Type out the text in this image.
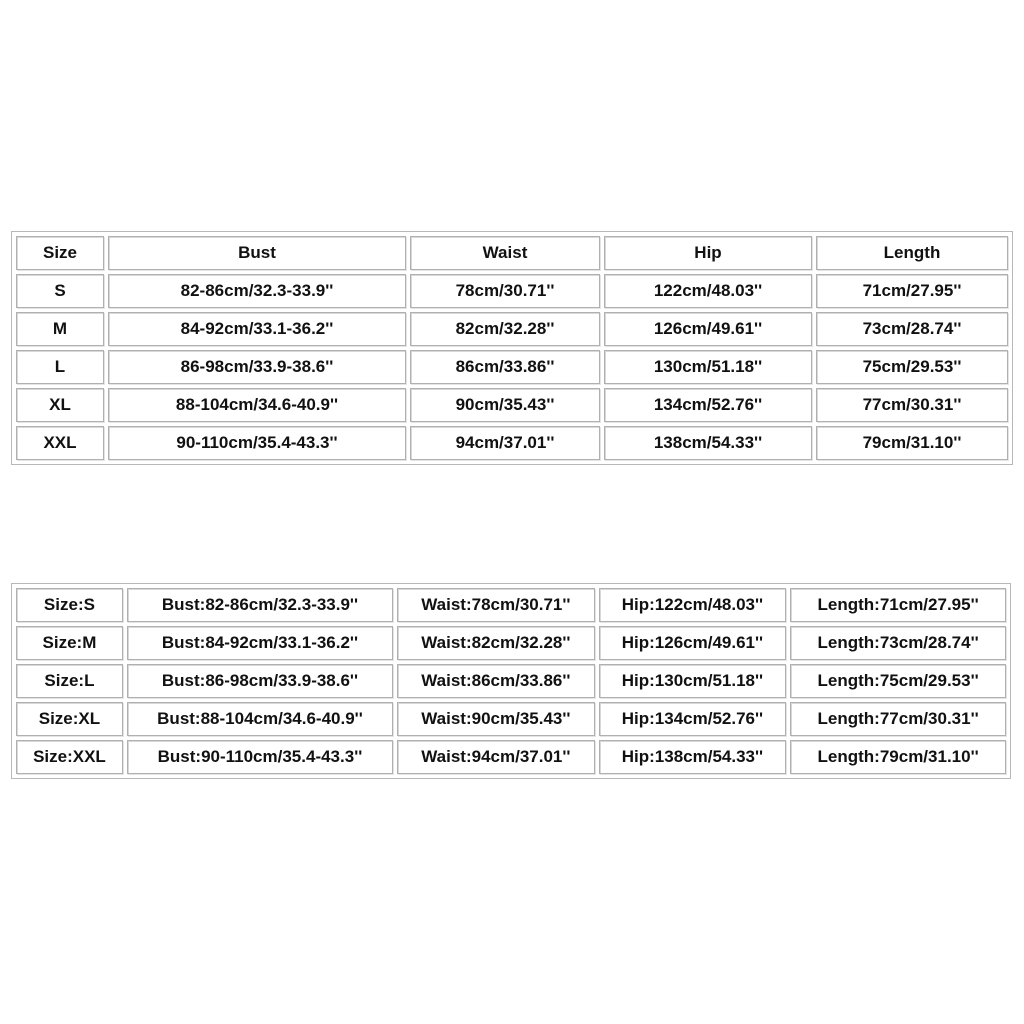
Size	Bust	Waist	Hip	Length
S	82-86cm/32.3-33.9''	78cm/30.71''	122cm/48.03''	71cm/27.95''
M	84-92cm/33.1-36.2''	82cm/32.28''	126cm/49.61''	73cm/28.74''
L	86-98cm/33.9-38.6''	86cm/33.86''	130cm/51.18''	75cm/29.53''
XL	88-104cm/34.6-40.9''	90cm/35.43''	134cm/52.76''	77cm/30.31''
XXL	90-110cm/35.4-43.3''	94cm/37.01''	138cm/54.33''	79cm/31.10''
Size:S	Bust:82-86cm/32.3-33.9''	Waist:78cm/30.71''	Hip:122cm/48.03''	Length:71cm/27.95''
Size:M	Bust:84-92cm/33.1-36.2''	Waist:82cm/32.28''	Hip:126cm/49.61''	Length:73cm/28.74''
Size:L	Bust:86-98cm/33.9-38.6''	Waist:86cm/33.86''	Hip:130cm/51.18''	Length:75cm/29.53''
Size:XL	Bust:88-104cm/34.6-40.9''	Waist:90cm/35.43''	Hip:134cm/52.76''	Length:77cm/30.31''
Size:XXL	Bust:90-110cm/35.4-43.3''	Waist:94cm/37.01''	Hip:138cm/54.33''	Length:79cm/31.10''
